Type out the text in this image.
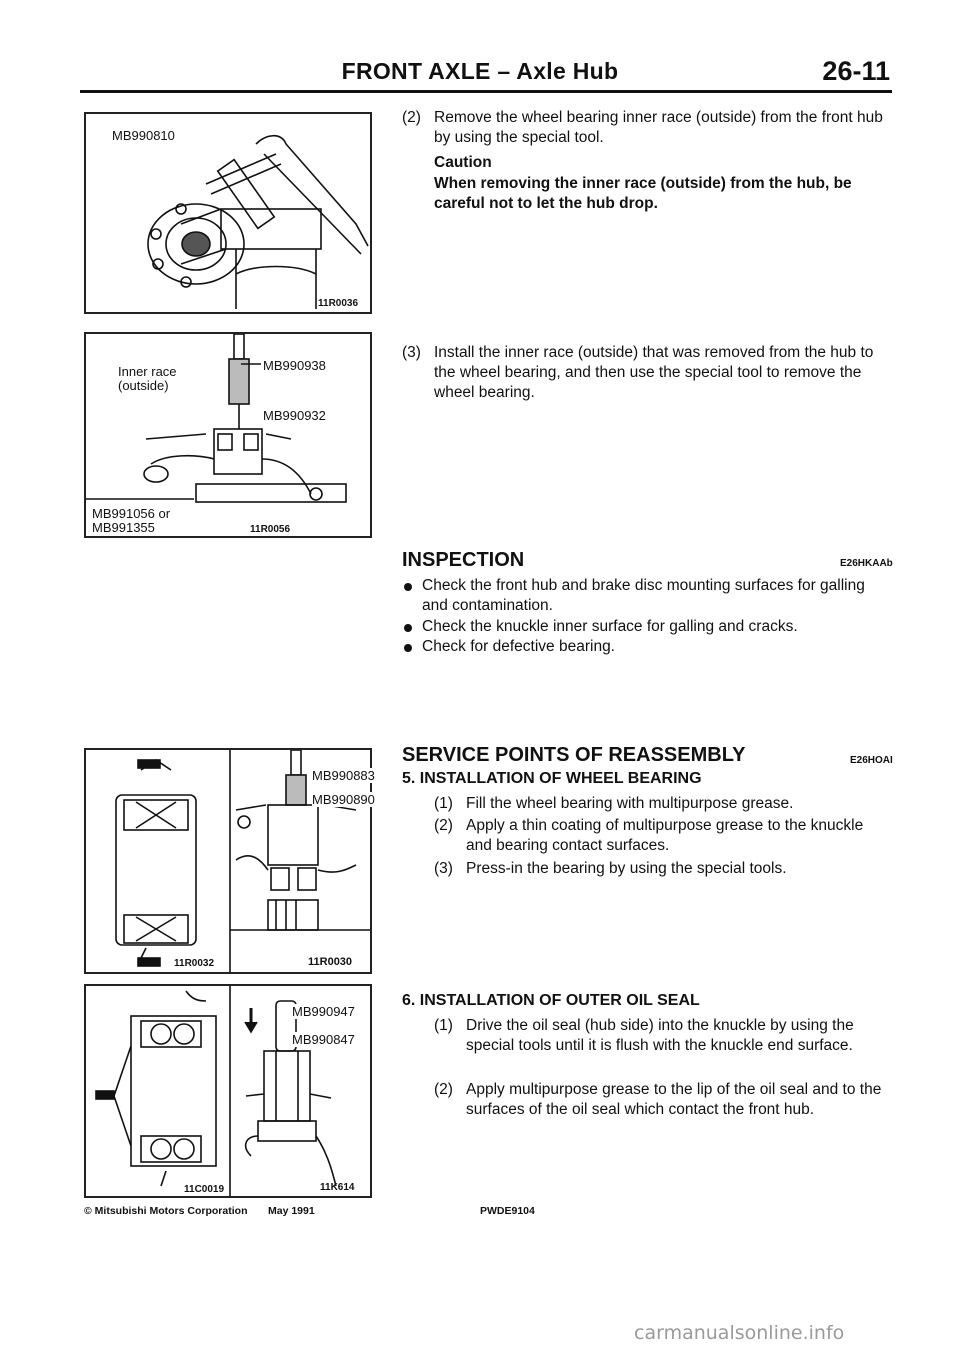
FRONT AXLE – Axle Hub	26-11
MB990810
11R0036
Inner race
(outside)
MB990938
MB990932
MB991056 or
MB991355	11R0056
MB990883
MB990890
11R0032	11R0030
MB990947
MB990847
11C0019	11K614
(2) Remove the wheel bearing inner race (outside) from the front hub by using the special tool.
Caution
When removing the inner race (outside) from the hub, be careful not to let the hub drop.
(3) Install the inner race (outside) that was removed from the hub to the wheel bearing, and then use the special tool to remove the wheel bearing.
INSPECTION	E26HKAAb
Check the front hub and brake disc mounting surfaces for galling and contamination.
Check the knuckle inner surface for galling and cracks.
Check for defective bearing.
SERVICE POINTS OF REASSEMBLY	E26HOAI
5. INSTALLATION OF WHEEL BEARING
(1) Fill the wheel bearing with multipurpose grease.
(2) Apply a thin coating of multipurpose grease to the knuckle and bearing contact surfaces.
(3) Press-in the bearing by using the special tools.
6. INSTALLATION OF OUTER OIL SEAL
(1) Drive the oil seal (hub side) into the knuckle by using the special tools until it is flush with the knuckle end surface.
(2) Apply multipurpose grease to the lip of the oil seal and to the surfaces of the oil seal which contact the front hub.
© Mitsubishi Motors Corporation May 1991	PWDE9104
carmanualsonline.info
